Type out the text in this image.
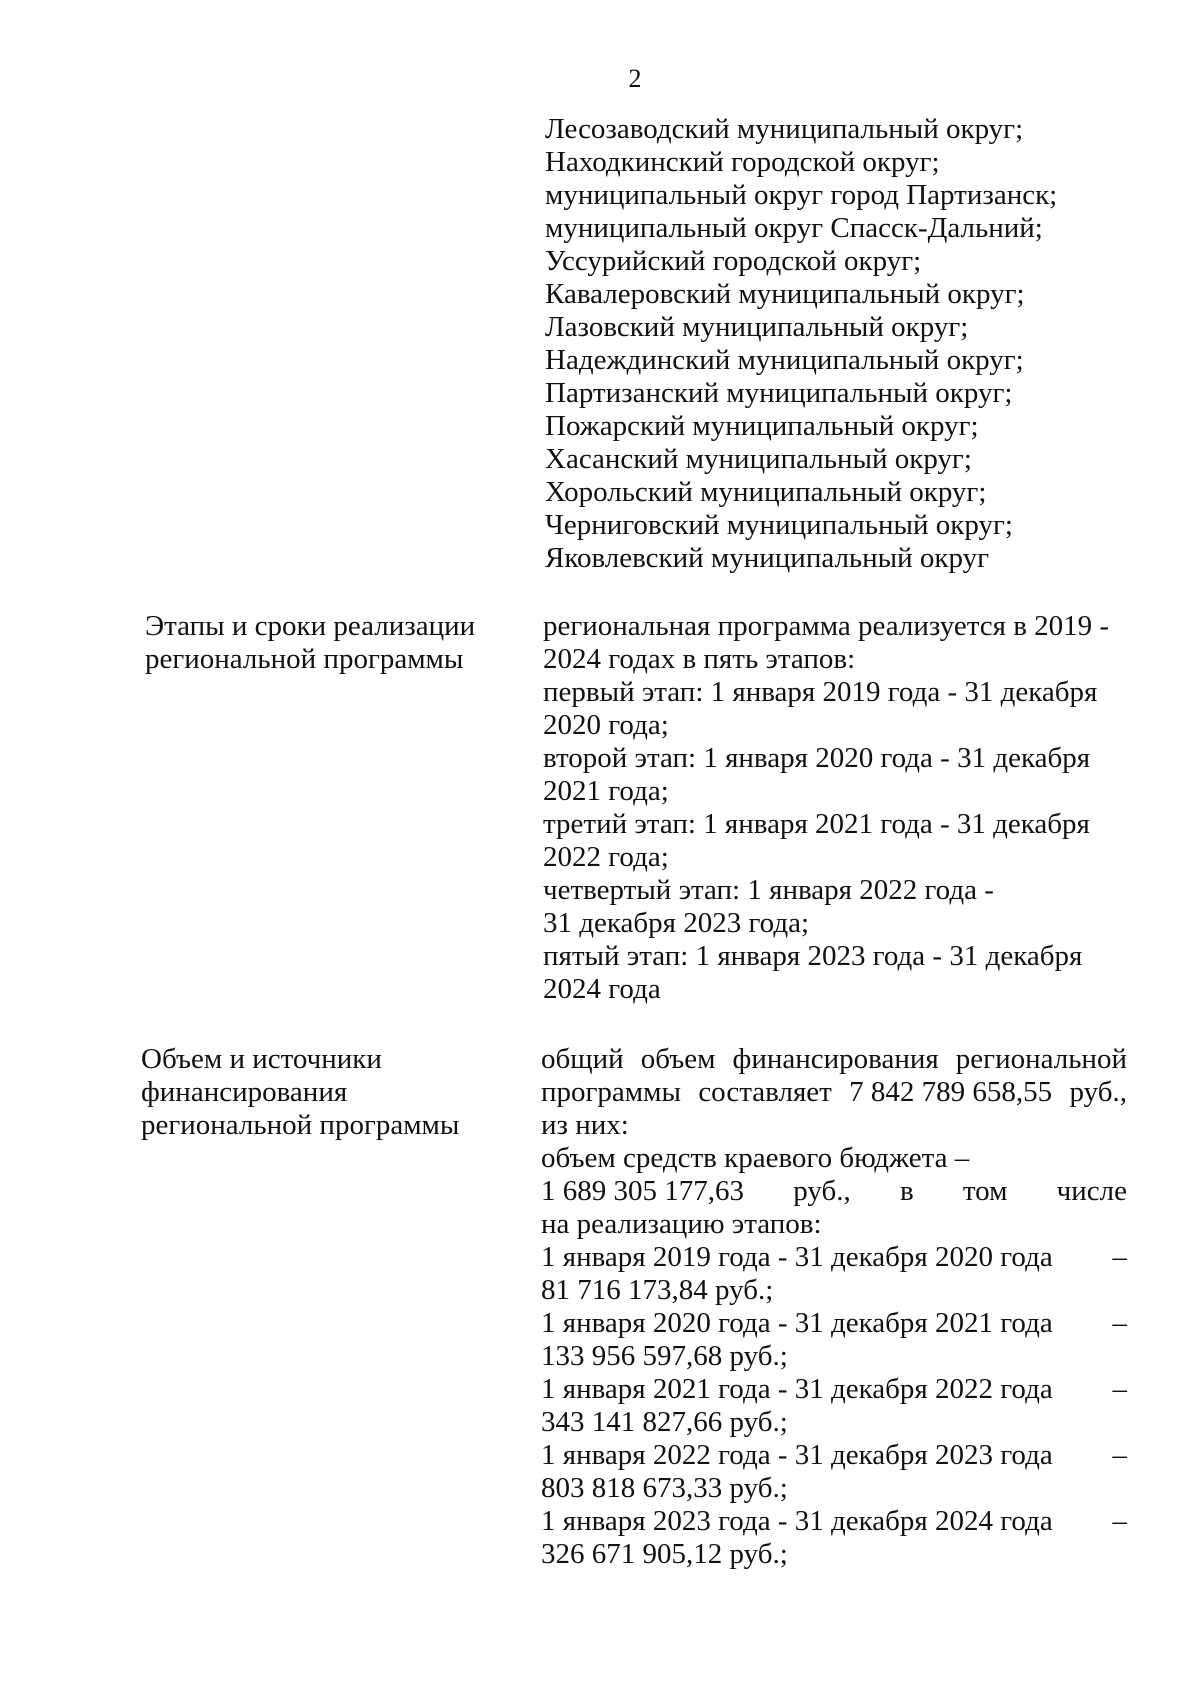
2
Лесозаводский муниципальный округ;
Находкинский городской округ;
муниципальный округ город Партизанск;
муниципальный округ Спасск-Дальний;
Уссурийский городской округ;
Кавалеровский муниципальный округ;
Лазовский муниципальный округ;
Надеждинский муниципальный округ;
Партизанский муниципальный округ;
Пожарский муниципальный округ;
Хасанский муниципальный округ;
Хорольский муниципальный округ;
Черниговский муниципальный округ;
Яковлевский муниципальный округ
Этапы и сроки реализации
региональной программы
региональная программа реализуется в 2019 -
2024 годах в пять этапов:
первый этап: 1 января 2019 года - 31 декабря
2020 года;
второй этап: 1 января 2020 года - 31 декабря
2021 года;
третий этап: 1 января 2021 года - 31 декабря
2022 года;
четвертый этап: 1 января 2022 года -
31 декабря 2023 года;
пятый этап: 1 января 2023 года - 31 декабря
2024 года
Объем и источники
финансирования
региональной программы
общий объем финансирования региональной
программы составляет 7 842 789 658,55 руб.,
из них:
объем средств краевого бюджета –
1 689 305 177,63 руб., в том числе
на реализацию этапов:
1 января 2019 года - 31 декабря 2020 года –
81 716 173,84 руб.;
1 января 2020 года - 31 декабря 2021 года –
133 956 597,68 руб.;
1 января 2021 года - 31 декабря 2022 года –
343 141 827,66 руб.;
1 января 2022 года - 31 декабря 2023 года –
803 818 673,33 руб.;
1 января 2023 года - 31 декабря 2024 года –
326 671 905,12 руб.;
